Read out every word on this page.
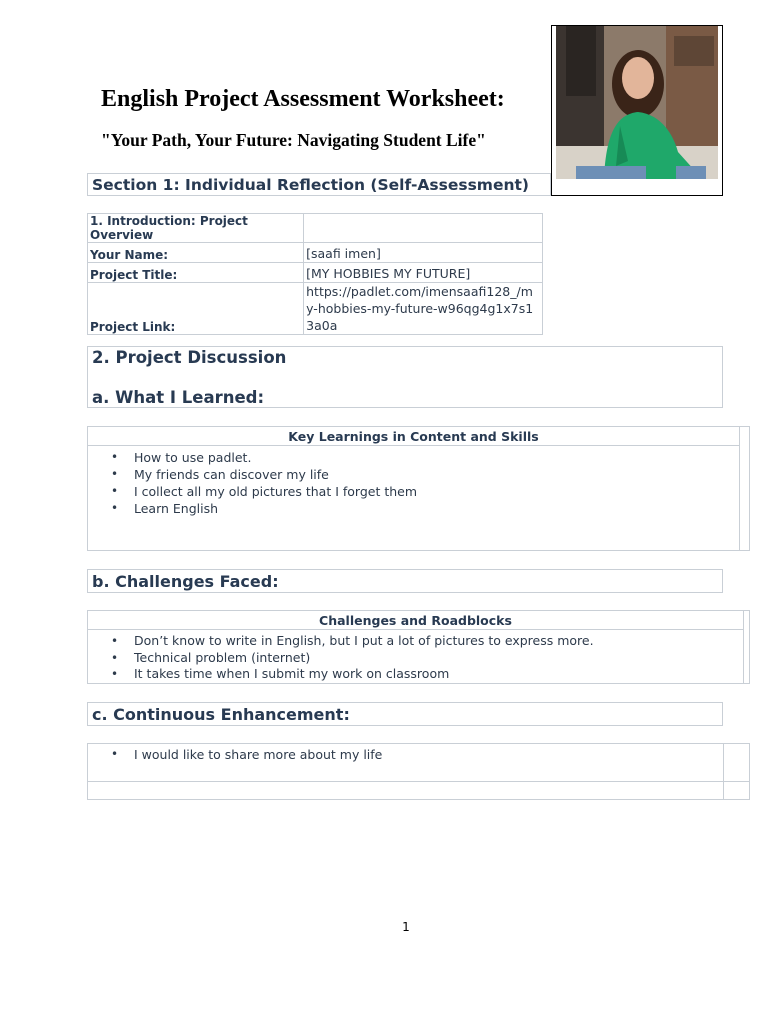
English Project Assessment Worksheet:
"Your Path, Your Future: Navigating Student Life"
Section 1: Individual Reflection (Self-Assessment)
1. Introduction: Project Overview	
Your Name:	[saafi imen]
Project Title:	[MY HOBBIES MY FUTURE]
Project Link:	https://padlet.com/imensaafi128_/my-hobbies-my-future-w96qg4g1x7s13a0a
2. Project Discussion
a. What I Learned:
Key Learnings in Content and Skills
• How to use padlet.
• My friends can discover my life
• I collect all my old pictures that I forget them
• Learn English
b. Challenges Faced:
Challenges and Roadblocks
• Don’t know to write in English, but I put a lot of pictures to express more.
• Technical problem (internet)
• It takes time when I submit my work on classroom
c. Continuous Enhancement:
• I would like to share more about my life
1
